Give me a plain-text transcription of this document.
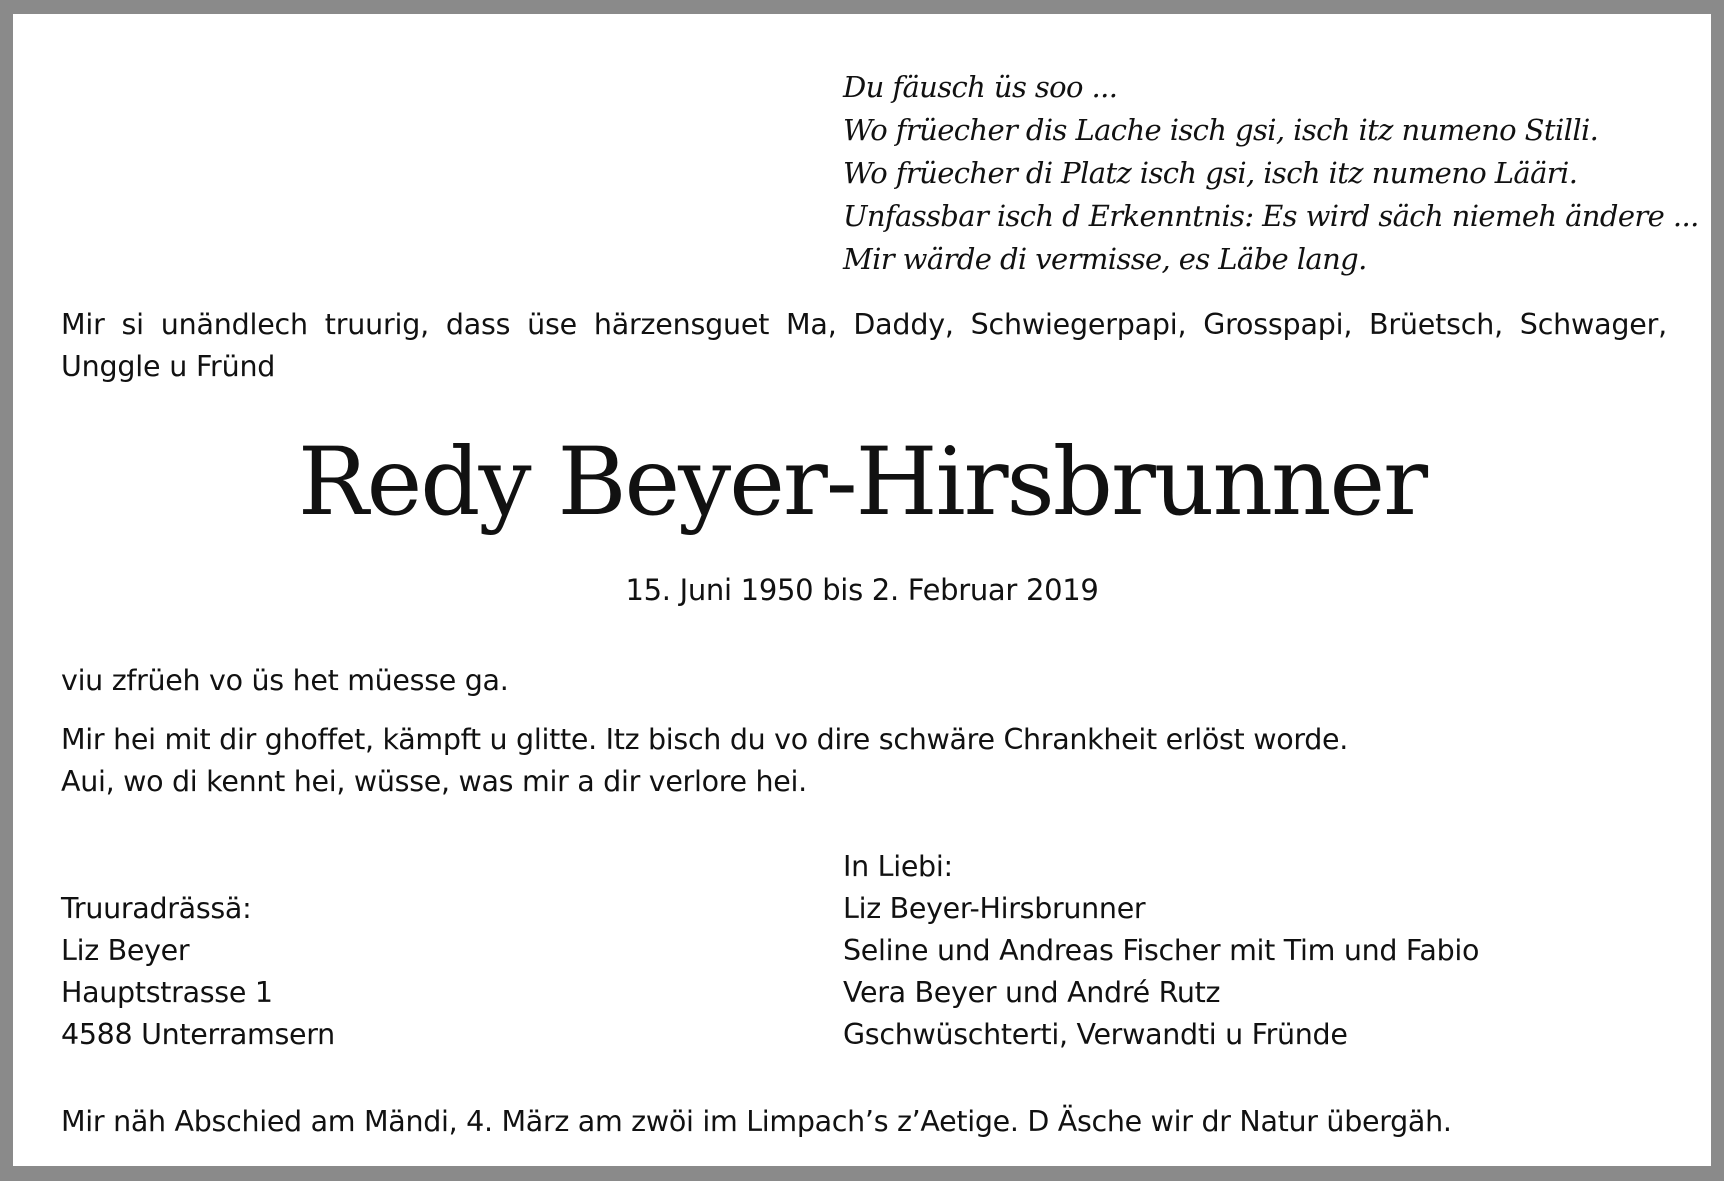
Du fäusch üs soo ...
Wo früecher dis Lache isch gsi, isch itz numeno Stilli.
Wo früecher di Platz isch gsi, isch itz numeno Lääri.
Unfassbar isch d Erkenntnis: Es wird säch niemeh ändere ...
Mir wärde di vermisse, es Läbe lang.
Mir si unändlech truurig, dass üse härzensguet Ma, Daddy, Schwiegerpapi, Grosspapi, Brüetsch, Schwager,
Unggle u Fründ
Redy Beyer-Hirsbrunner
15. Juni 1950 bis 2. Februar 2019
viu zfrüeh vo üs het müesse ga.
Mir hei mit dir ghoffet, kämpft u glitte. Itz bisch du vo dire schwäre Chrankheit erlöst worde.
Aui, wo di kennt hei, wüsse, was mir a dir verlore hei.
Truuradrässä:
Liz Beyer
Hauptstrasse 1
4588 Unterramsern
In Liebi:
Liz Beyer-Hirsbrunner
Seline und Andreas Fischer mit Tim und Fabio
Vera Beyer und André Rutz
Gschwüschterti, Verwandti u Fründe
Mir näh Abschied am Mändi, 4. März am zwöi im Limpach’s z’Aetige. D Äsche wir dr Natur übergäh.
